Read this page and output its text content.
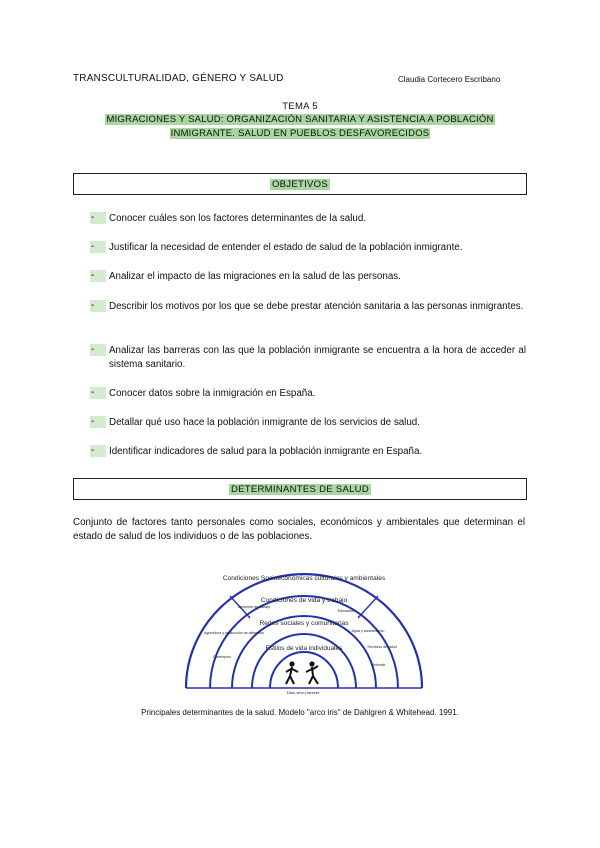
TRANSCULTURALIDAD, GÉNERO Y SALUD	Claudia Cortecero Escribano
TEMA 5
MIGRACIONES Y SALUD: ORGANIZACIÓN SANITARIA Y ASISTENCIA A POBLACIÓN
INMIGRANTE. SALUD EN PUEBLOS DESFAVORECIDOS
OBJETIVOS
- Conocer cuáles son los factores determinantes de la salud.
- Justificar la necesidad de entender el estado de salud de la población inmigrante.
- Analizar el impacto de las migraciones en la salud de las personas.
- Describir los motivos por los que se debe prestar atención sanitaria a las personas inmigrantes.
- Analizar las barreras con las que la población inmigrante se encuentra a la hora de acceder al sistema sanitario.
- Conocer datos sobre la inmigración en España.
- Detallar qué uso hace la población inmigrante de los servicios de salud.
- Identificar indicadores de salud para la población inmigrante en España.
DETERMINANTES DE SALUD
Conjunto de factores tanto personales como sociales, económicos y ambientales que determinan el estado de salud de los individuos o de las poblaciones.
Condiciones Socioeconómicas culturales y ambientales
Condiciones de vida y trabajo
Redes sociales y comunitarias
Estilos de vida individuales
Ambiente de trabajo
Desempleo
Agua y saneamiento
Servicios de salud
Vivienda
Educación
Agricultura y producción de alimentos
Edad, sexo y factores
Principales determinantes de la salud. Modelo "arco iris" de Dahlgren & Whitehead. 1991.
